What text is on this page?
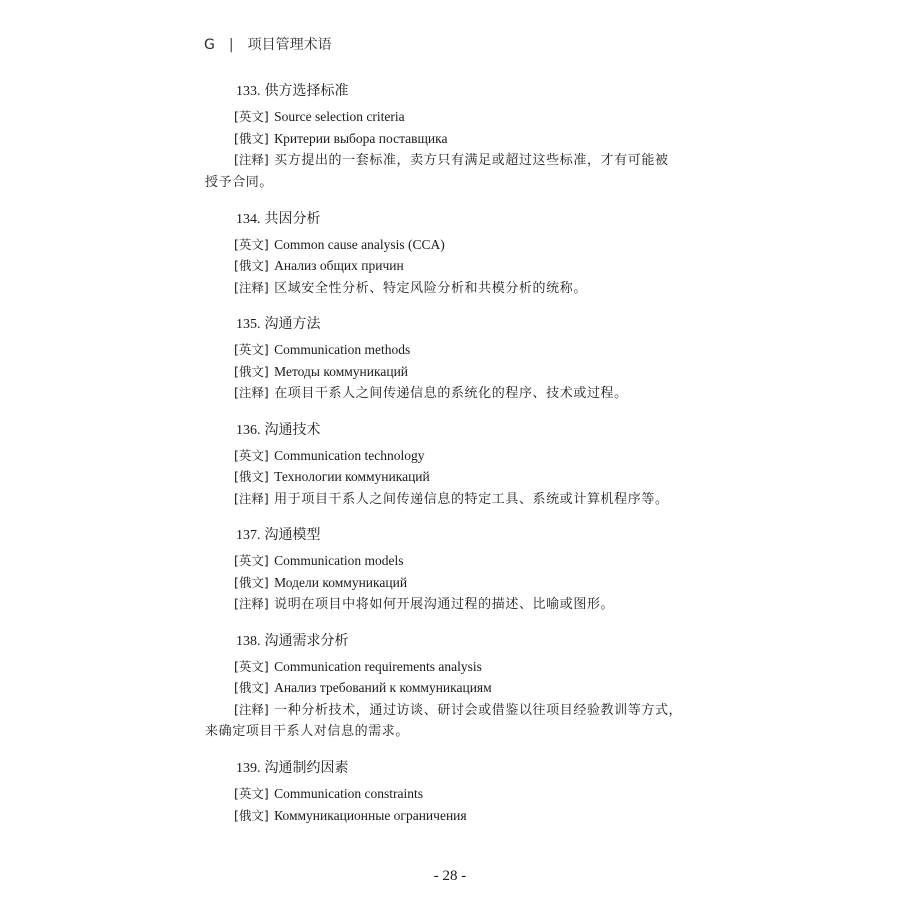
G | 项目管理术语
133. 供方选择标准
[英文] Source selection criteria
[俄文] Критерии выбора поставщика
[注释] 买方提出的一套标准，卖方只有满足或超过这些标准，才有可能被
授予合同。
134. 共因分析
[英文] Common cause analysis (CCA)
[俄文] Анализ общих причин
[注释] 区域安全性分析、特定风险分析和共模分析的统称。
135. 沟通方法
[英文] Communication methods
[俄文] Методы коммуникаций
[注释] 在项目干系人之间传递信息的系统化的程序、技术或过程。
136. 沟通技术
[英文] Communication technology
[俄文] Технологии коммуникаций
[注释] 用于项目干系人之间传递信息的特定工具、系统或计算机程序等。
137. 沟通模型
[英文] Communication models
[俄文] Модели коммуникаций
[注释] 说明在项目中将如何开展沟通过程的描述、比喻或图形。
138. 沟通需求分析
[英文] Communication requirements analysis
[俄文] Анализ требований к коммуникациям
[注释] 一种分析技术，通过访谈、研讨会或借鉴以往项目经验教训等方式，
来确定项目干系人对信息的需求。
139. 沟通制约因素
[英文] Communication constraints
[俄文] Коммуникационные ограничения
- 28 -
